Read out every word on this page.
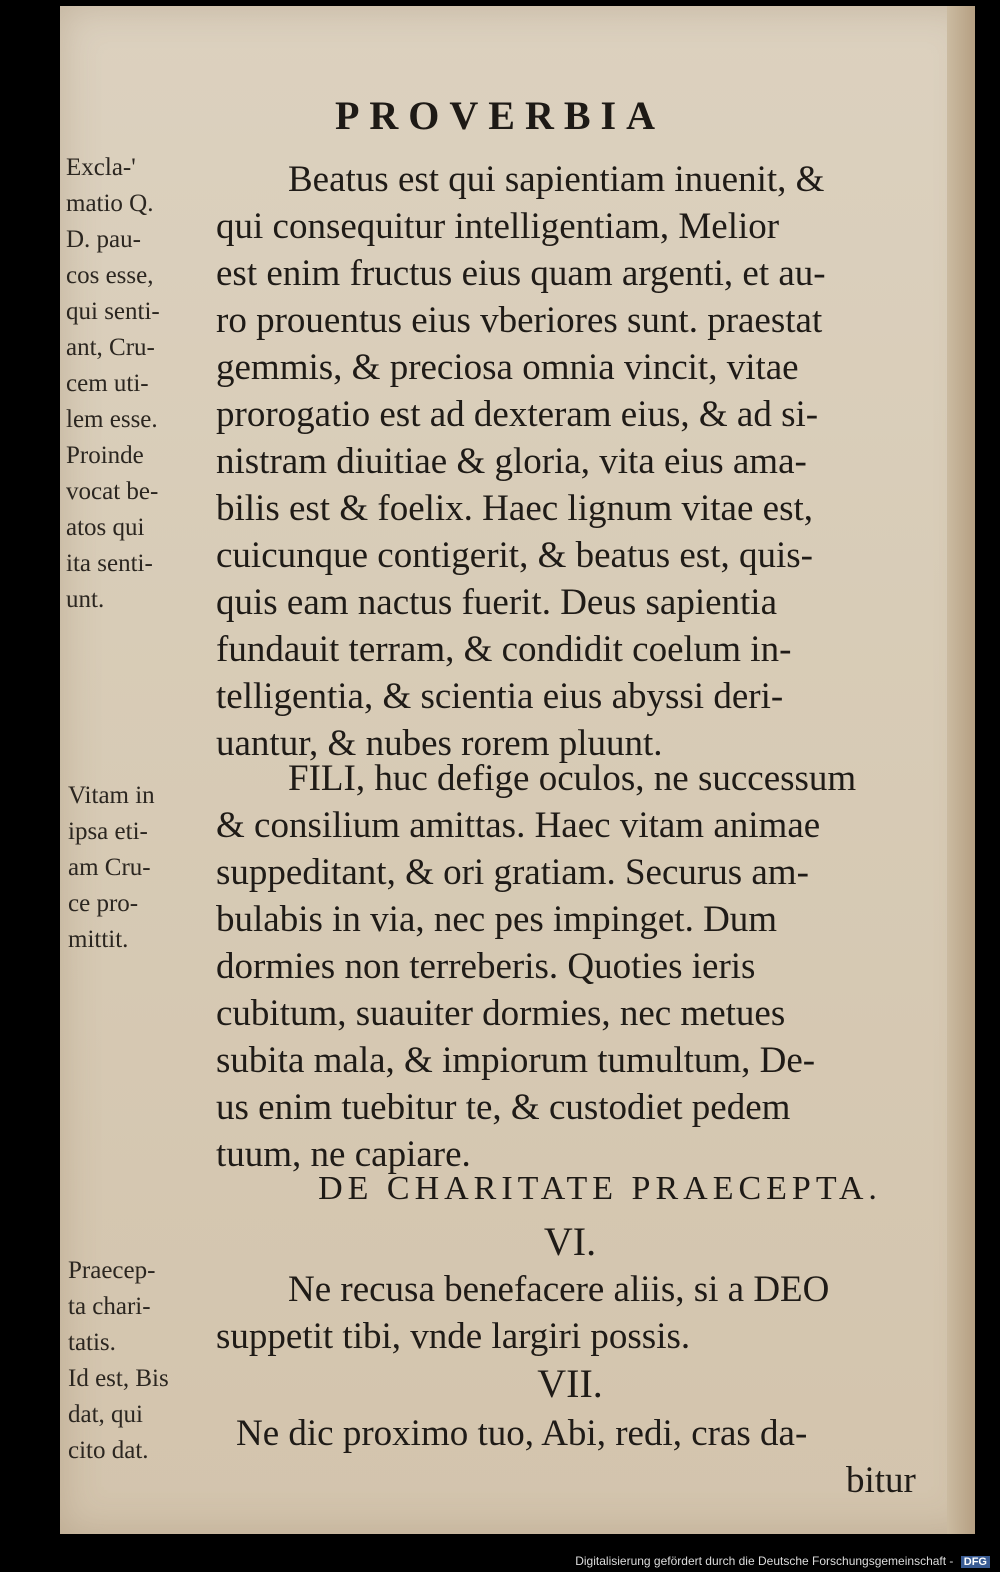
PROVERBIA
Excla-'
matio Q.
D. pau-
cos esse,
qui senti-
ant, Cru-
cem uti-
lem esse.
Proinde
vocat be-
atos qui
ita senti-
unt.
Vitam in
ipsa eti-
am Cru-
ce pro-
mittit.
Praecep-
ta chari-
tatis.
Id est, Bis
dat, qui
cito dat.
Beatus est qui sapientiam inuenit, &
qui consequitur intelligentiam, Melior
est enim fructus eius quam argenti, et au-
ro prouentus eius vberiores sunt. praestat
gemmis, & preciosa omnia vincit, vitae
prorogatio est ad dexteram eius, & ad si-
nistram diuitiae & gloria, vita eius ama-
bilis est & foelix. Haec lignum vitae est,
cuicunque contigerit, & beatus est, quis-
quis eam nactus fuerit. Deus sapientia
fundauit terram, & condidit coelum in-
telligentia, & scientia eius abyssi deri-
uantur, & nubes rorem pluunt.
FILI, huc defige oculos, ne successum
& consilium amittas. Haec vitam animae
suppeditant, & ori gratiam. Securus am-
bulabis in via, nec pes impinget. Dum
dormies non terreberis. Quoties ieris
cubitum, suauiter dormies, nec metues
subita mala, & impiorum tumultum, De-
us enim tuebitur te, & custodiet pedem
tuum, ne capiare.
DE CHARITATE PRAECEPTA.
VI.
Ne recusa benefacere aliis, si a DEO
suppetit tibi, vnde largiri possis.
VII.
Ne dic proximo tuo, Abi, redi, cras da-
bitur
Digitalisierung gefördert durch die Deutsche Forschungsgemeinschaft - DFG
